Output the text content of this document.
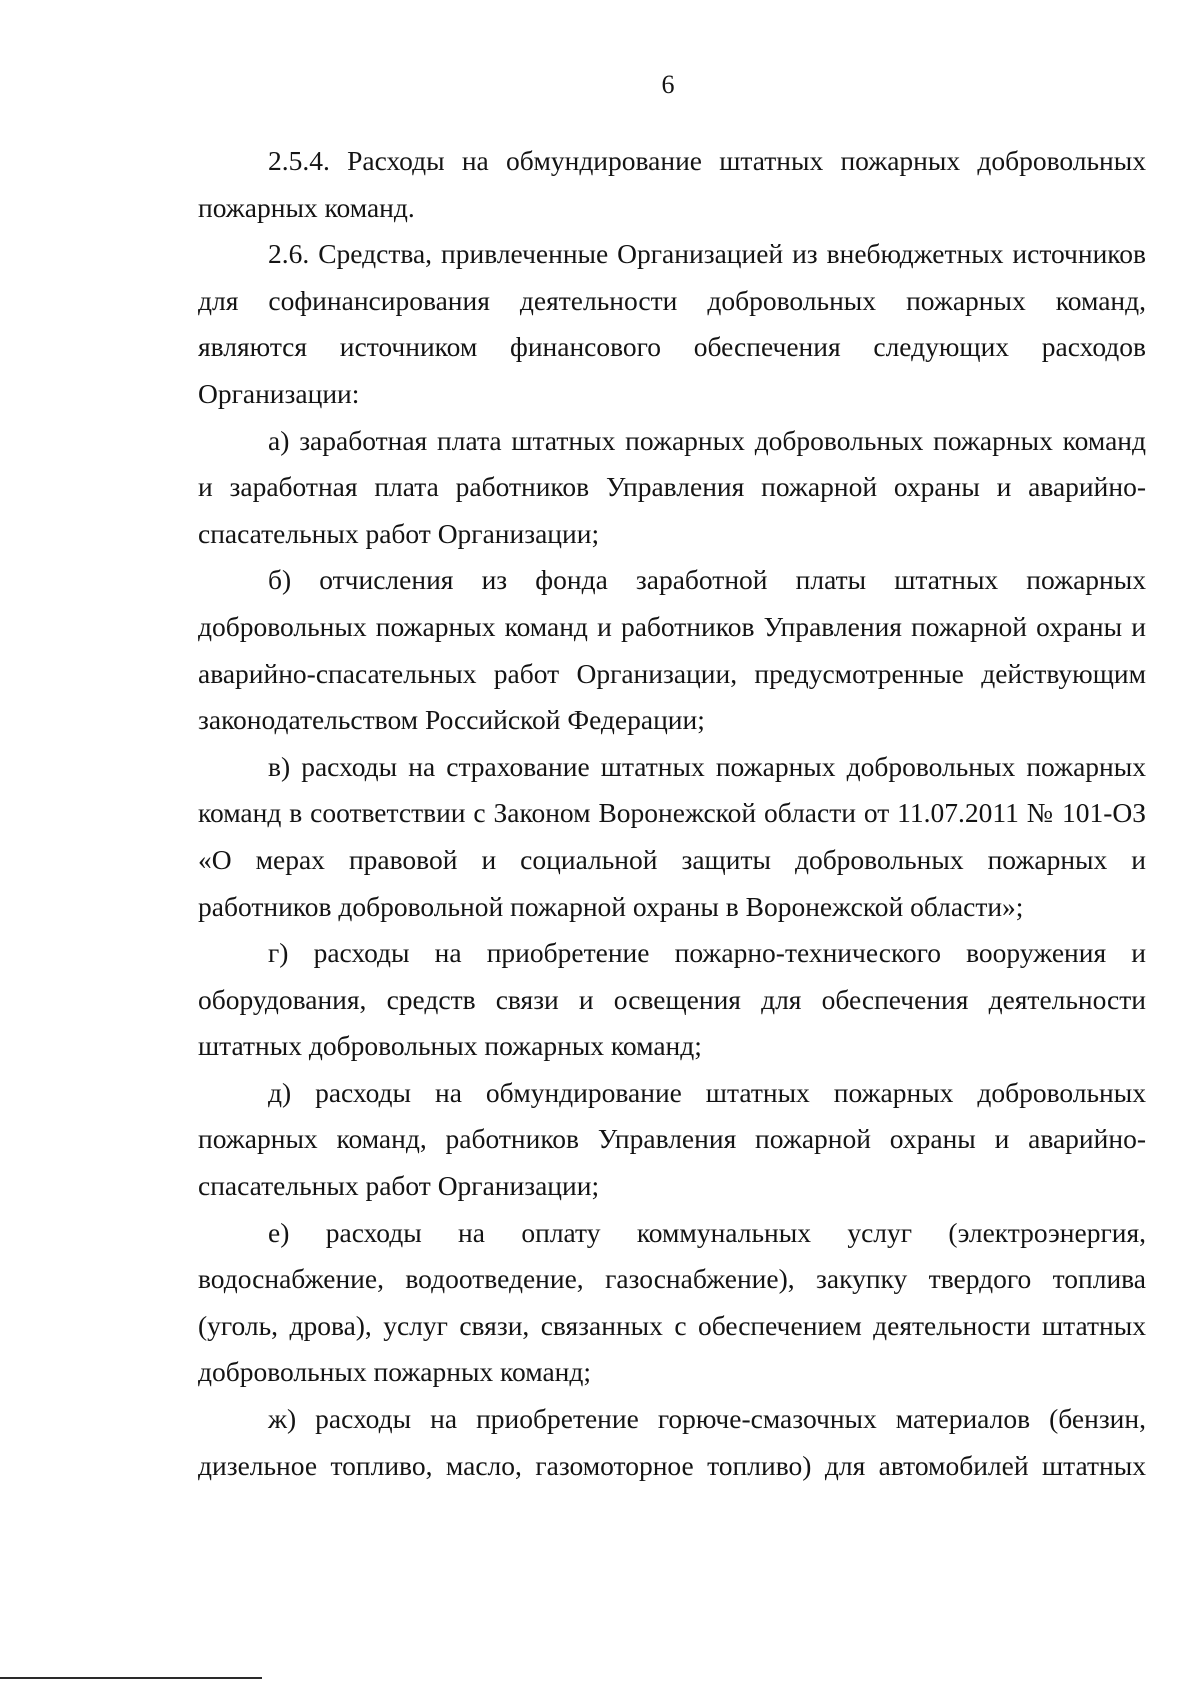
6

2.5.4. Расходы на обмундирование штатных пожарных добровольных пожарных команд.

2.6. Средства, привлеченные Организацией из внебюджетных источников для софинансирования деятельности добровольных пожарных команд, являются источником финансового обеспечения следующих расходов Организации:

а) заработная плата штатных пожарных добровольных пожарных команд и заработная плата работников Управления пожарной охраны и аварийно-спасательных работ Организации;

б) отчисления из фонда заработной платы штатных пожарных добровольных пожарных команд и работников Управления пожарной охраны и аварийно-спасательных работ Организации, предусмотренные действующим законодательством Российской Федерации;

в) расходы на страхование штатных пожарных добровольных пожарных команд в соответствии с Законом Воронежской области от 11.07.2011 № 101-ОЗ «О мерах правовой и социальной защиты добровольных пожарных и работников добровольной пожарной охраны в Воронежской области»;

г) расходы на приобретение пожарно-технического вооружения и оборудования, средств связи и освещения для обеспечения деятельности штатных добровольных пожарных команд;

д) расходы на обмундирование штатных пожарных добровольных пожарных команд, работников Управления пожарной охраны и аварийно-спасательных работ Организации;

е) расходы на оплату коммунальных услуг (электроэнергия, водоснабжение, водоотведение, газоснабжение), закупку твердого топлива (уголь, дрова), услуг связи, связанных с обеспечением деятельности штатных добровольных пожарных команд;

ж) расходы на приобретение горюче-смазочных материалов (бензин, дизельное топливо, масло, газомоторное топливо) для автомобилей штатных
